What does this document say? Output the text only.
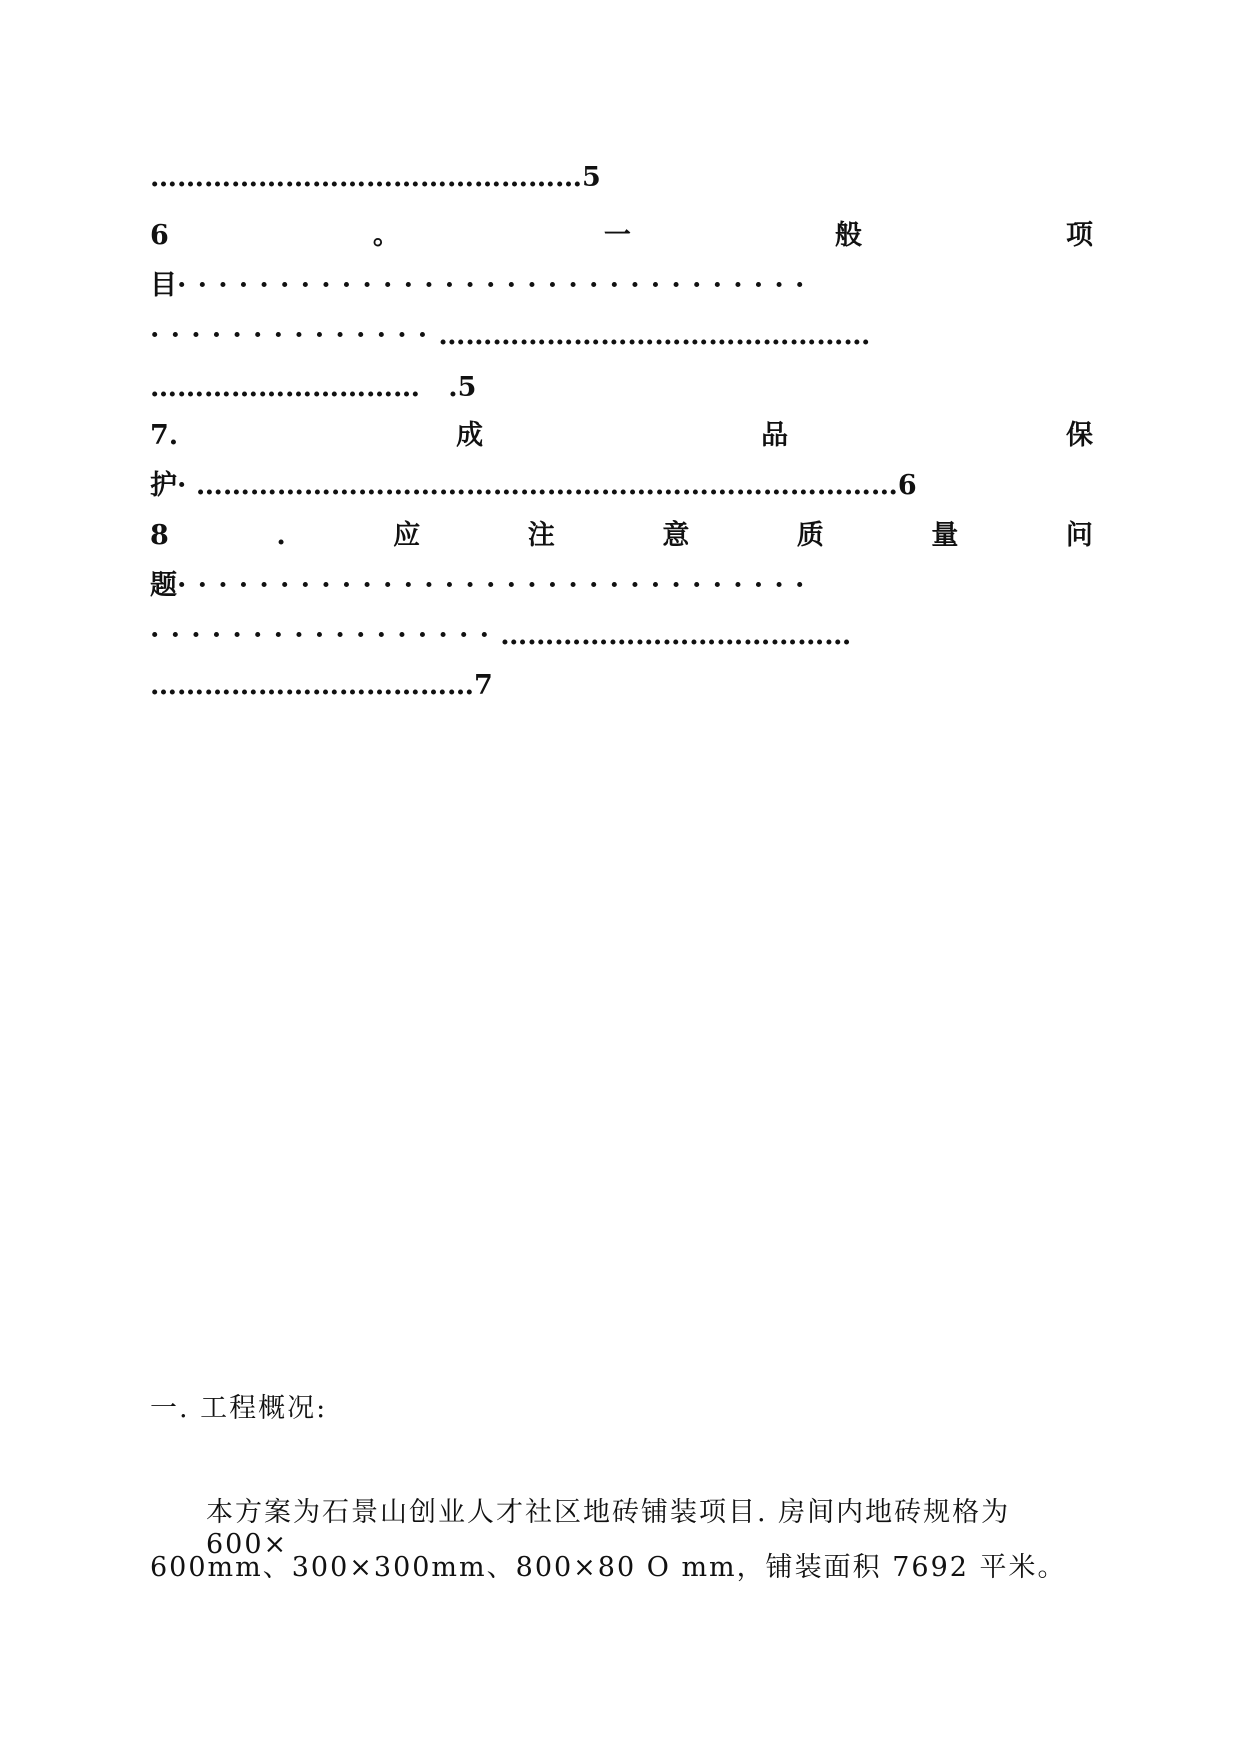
…………………………………………5
6	。	一	般	项
目·······························
··············…………………………………………
………………………… .5
7.	成	品	保
护· ……………………………………………………………………6
8	.	应	注	意	质	量	问
题·······························
·················…………………………………
………………………………7
一. 工程概况:
本方案为石景山创业人才社区地砖铺装项目. 房间内地砖规格为 600×
600mm、300×300mm、800×80 O mm，铺装面积 7692 平米。
